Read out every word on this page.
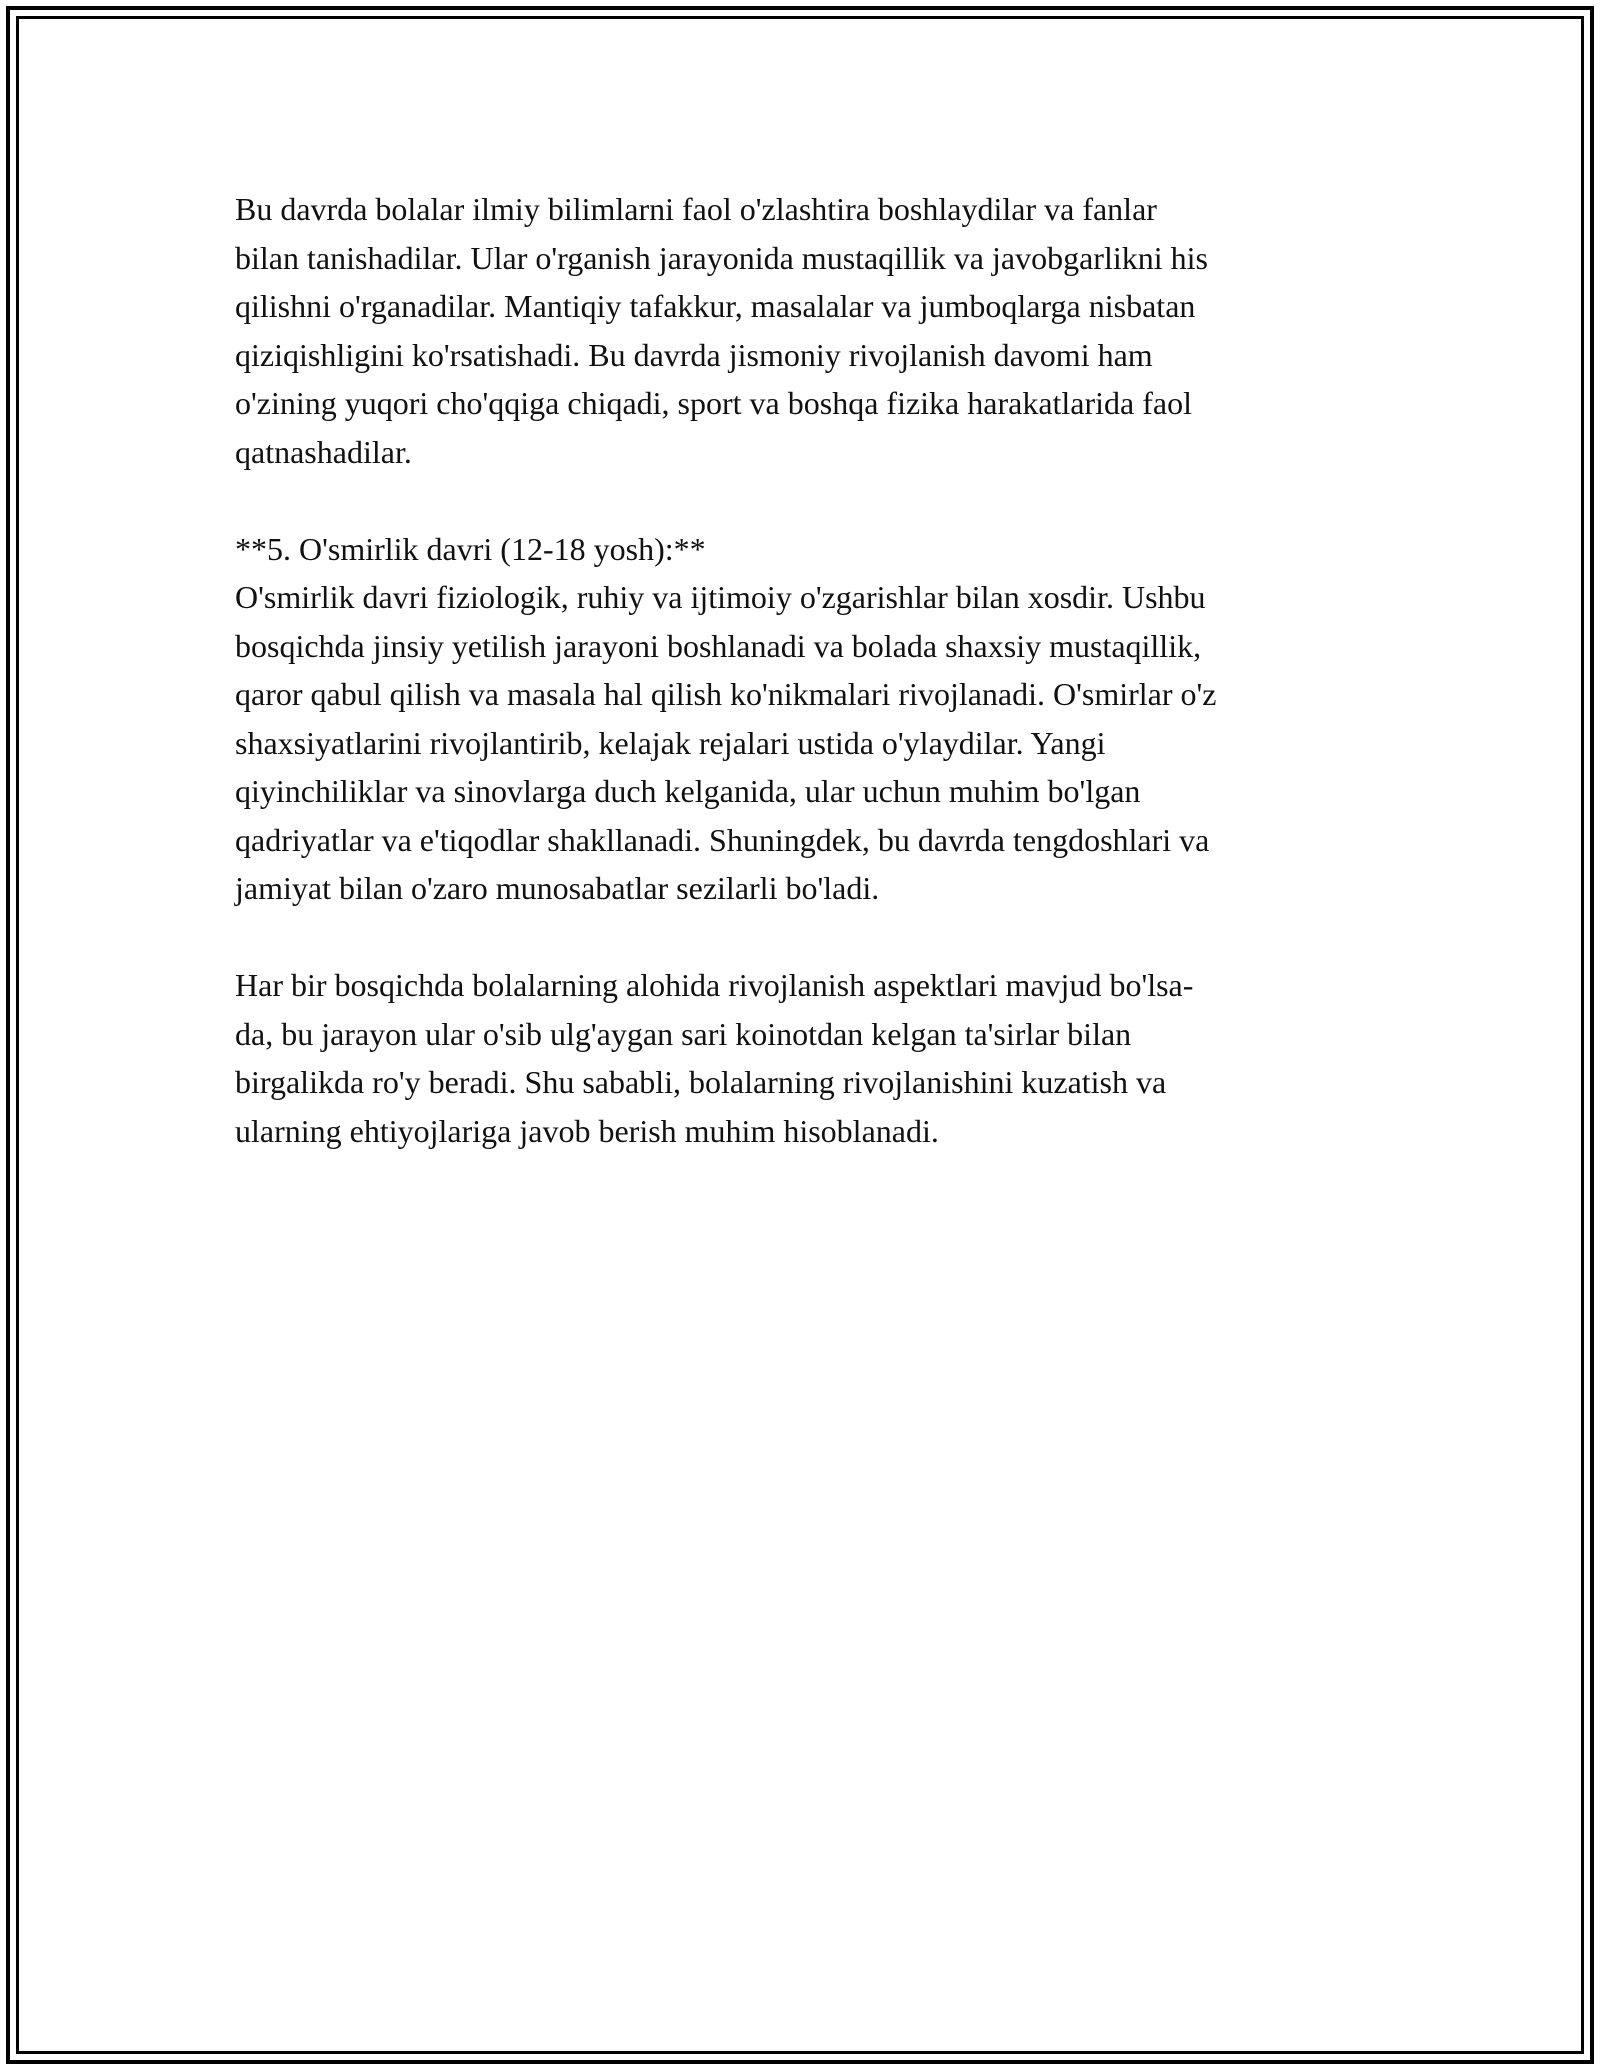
Bu davrda bolalar ilmiy bilimlarni faol o'zlashtira boshlaydilar va fanlar
bilan tanishadilar. Ular o'rganish jarayonida mustaqillik va javobgarlikni his
qilishni o'rganadilar. Mantiqiy tafakkur, masalalar va jumboqlarga nisbatan
qiziqishligini ko'rsatishadi. Bu davrda jismoniy rivojlanish davomi ham
o'zining yuqori cho'qqiga chiqadi, sport va boshqa fizika harakatlarida faol
qatnashadilar.

**5. O'smirlik davri (12-18 yosh):**

O'smirlik davri fiziologik, ruhiy va ijtimoiy o'zgarishlar bilan xosdir. Ushbu
bosqichda jinsiy yetilish jarayoni boshlanadi va bolada shaxsiy mustaqillik,
qaror qabul qilish va masala hal qilish ko'nikmalari rivojlanadi. O'smirlar o'z
shaxsiyatlarini rivojlantirib, kelajak rejalari ustida o'ylaydilar. Yangi
qiyinchiliklar va sinovlarga duch kelganida, ular uchun muhim bo'lgan
qadriyatlar va e'tiqodlar shakllanadi. Shuningdek, bu davrda tengdoshlari va
jamiyat bilan o'zaro munosabatlar sezilarli bo'ladi.

Har bir bosqichda bolalarning alohida rivojlanish aspektlari mavjud bo'lsa-
da, bu jarayon ular o'sib ulg'aygan sari koinotdan kelgan ta'sirlar bilan
birgalikda ro'y beradi. Shu sababli, bolalarning rivojlanishini kuzatish va
ularning ehtiyojlariga javob berish muhim hisoblanadi.
